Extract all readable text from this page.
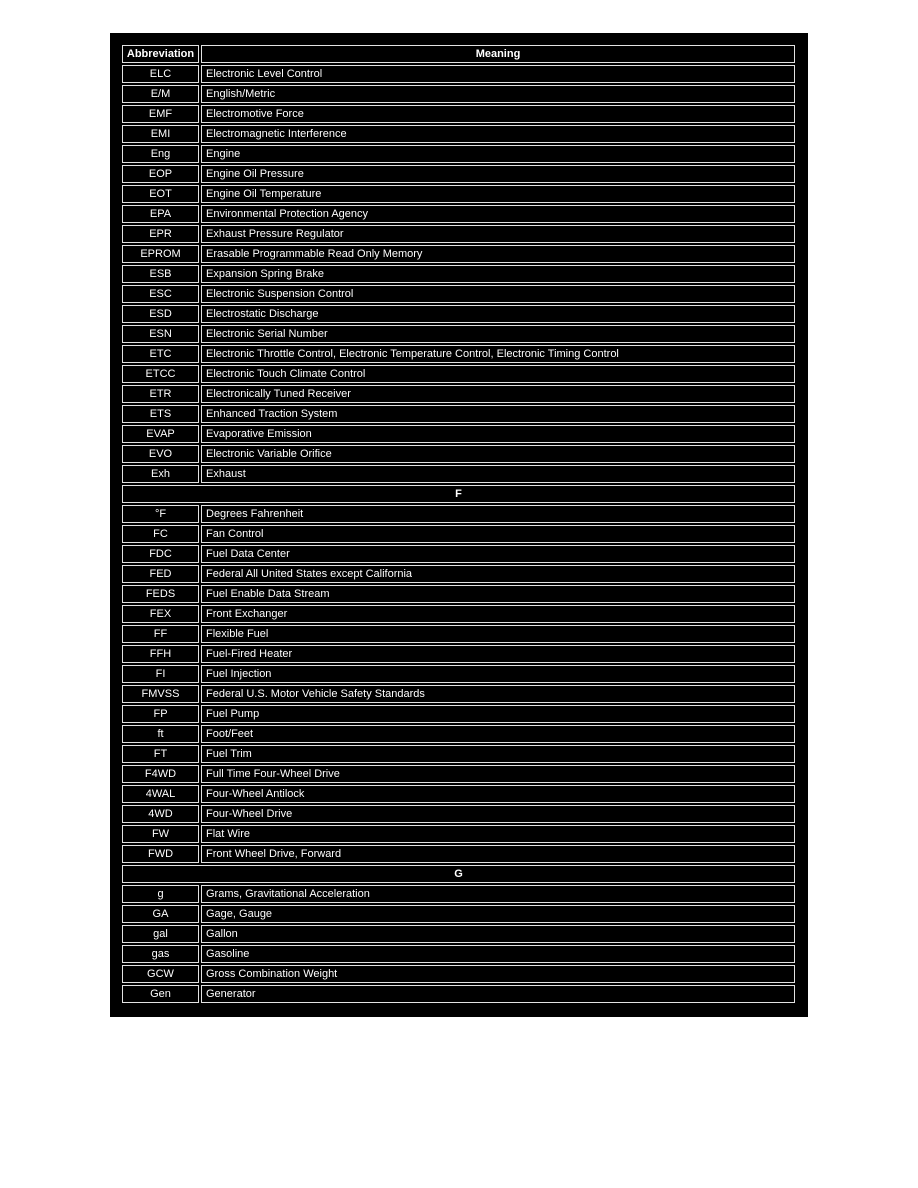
Abbreviation	Meaning
ELC	Electronic Level Control
E/M	English/Metric
EMF	Electromotive Force
EMI	Electromagnetic Interference
Eng	Engine
EOP	Engine Oil Pressure
EOT	Engine Oil Temperature
EPA	Environmental Protection Agency
EPR	Exhaust Pressure Regulator
EPROM	Erasable Programmable Read Only Memory
ESB	Expansion Spring Brake
ESC	Electronic Suspension Control
ESD	Electrostatic Discharge
ESN	Electronic Serial Number
ETC	Electronic Throttle Control, Electronic Temperature Control, Electronic Timing Control
ETCC	Electronic Touch Climate Control
ETR	Electronically Tuned Receiver
ETS	Enhanced Traction System
EVAP	Evaporative Emission
EVO	Electronic Variable Orifice
Exh	Exhaust
F	
°F	Degrees Fahrenheit
FC	Fan Control
FDC	Fuel Data Center
FED	Federal All United States except California
FEDS	Fuel Enable Data Stream
FEX	Front Exchanger
FF	Flexible Fuel
FFH	Fuel-Fired Heater
FI	Fuel Injection
FMVSS	Federal U.S. Motor Vehicle Safety Standards
FP	Fuel Pump
ft	Foot/Feet
FT	Fuel Trim
F4WD	Full Time Four-Wheel Drive
4WAL	Four-Wheel Antilock
4WD	Four-Wheel Drive
FW	Flat Wire
FWD	Front Wheel Drive, Forward
G	
g	Grams, Gravitational Acceleration
GA	Gage, Gauge
gal	Gallon
gas	Gasoline
GCW	Gross Combination Weight
Gen	Generator
